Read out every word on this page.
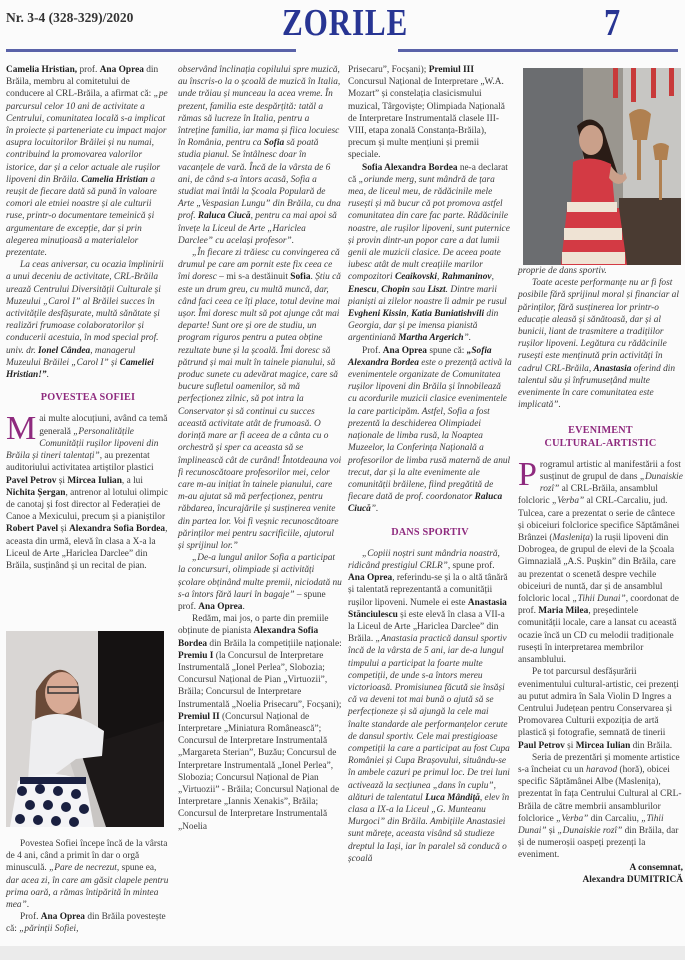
Nr. 3-4 (328-329)/2020	ZORILE	7

Camelia Hristian, prof. Ana Oprea din Brăila, membru al comitetului de conducere al CRL-Brăila, a afirmat că: „pe parcursul celor 10 ani de activitate a Centrului, comunitatea locală s-a implicat în proiecte și parteneriate cu impact major asupra locuitorilor Brăilei și nu numai, contribuind la promovarea valorilor istorice, dar și a celor actuale ale rușilor lipoveni din Brăila. Camelia Hristian a reușit de fiecare dată să pună în valoare comori ale etniei noastre și ale culturii ruse, printr-o documentare temeinică și argumentare de excepție, dar și prin alegerea minuțioasă a materialelor prezentate.

La ceas aniversar, cu ocazia împlinirii a unui deceniu de activitate, CRL-Brăila urează Centrului Diversității Culturale și Muzeului „Carol I” al Brăilei succes în activitățile desfășurate, multă sănătate și realizări frumoase colaboratorilor și conducerii acestuia, în mod special prof. univ. dr. Ionel Cândea, managerul Muzeului Brăilei „Carol I” și Cameliei Hristian!”.

POVESTEA SOFIEI

Mai multe alocuțiuni, având ca temă generală „Personalitățile Comunității rușilor lipoveni din Brăila și tineri talentați”, au prezentat auditoriului activitatea artiștilor plastici Pavel Petrov și Mircea Iulian, a lui Nichita Șergan, antrenor al lotului olimpic de canotaj și fost director al Federației de Canoe a Mexicului, precum și a pianiștilor Robert Pavel și Alexandra Sofia Bordea, aceasta din urmă, elevă în clasa a X-a la Liceul de Arte „Hariclea Darclee” din Brăila, susținând și un recital de pian.

Povestea Sofiei începe încă de la vârsta de 4 ani, când a primit în dar o orgă minusculă. „Pare de necrezut, spune ea, dar acea zi, în care am găsit clapele pentru prima oară, a rămas întipărită în mintea mea”.

Prof. Ana Oprea din Brăila povestește că: „părinții Sofiei,

observând înclinația copilului spre muzică, au înscris-o la o școală de muzică în Italia, unde trăiau și munceau la acea vreme. În prezent, familia este despărțită: tatăl a rămas să lucreze în Italia, pentru a întreține familia, iar mama și fiica locuiesc în România, pentru ca Sofia să poată studia pianul. Se întâlnesc doar în vacanțele de vară. Încă de la vârsta de 6 ani, de când s-a întors acasă, Sofia a studiat mai întâi la Școala Populară de Arte „Vespasian Lungu” din Brăila, cu dna prof. Raluca Ciucă, pentru ca mai apoi să învețe la Liceul de Arte „Hariclea Darclee” cu același profesor”.

„În fiecare zi trăiesc cu convingerea că drumul pe care am pornit este fix ceea ce îmi doresc – mi s-a destăinuit Sofia. Știu că este un drum greu, cu multă muncă, dar, când faci ceea ce îți place, totul devine mai ușor. Îmi doresc mult să pot ajunge cât mai departe! Sunt ore și ore de studiu, un program riguros pentru a putea obține rezultate bune și la școală. Îmi doresc să pătrund și mai mult în tainele pianului, să produc sunete cu adevărat magice, care să bucure sufletul oamenilor, să mă perfecționez zilnic, să pot intra la Conservator și să continui cu succes această activitate atât de frumoasă. O dorință mare ar fi aceea de a cânta cu o orchestră și sper ca aceasta să se împlinească cât de curând! Întotdeauna voi fi recunoscătoare profesorilor mei, celor care m-au inițiat în tainele pianului, care m-au ajutat să mă perfecționez, pentru răbdarea, încurajările și susținerea venite din partea lor. Voi fi veșnic recunoscătoare părinților mei pentru sacrificiile, ajutorul și sprijinul lor.”

„De-a lungul anilor Sofia a participat la concursuri, olimpiade și activități școlare obținând multe premii, niciodată nu s-a întors fără lauri în bagaje” – spune prof. Ana Oprea.

Redăm, mai jos, o parte din premiile obținute de pianista Alexandra Sofia Bordea din Brăila la competițiile naționale: Premiu I (la Concursul de Interpretare Instrumentală „Ionel Perlea”, Slobozia; Concursul Național de Pian „Virtuozii”, Brăila; Concursul de Interpretare Instrumentală „Noelia Prisecaru”, Focșani); Premiul II (Concursul Național de Interpretare „Miniatura Românească”; Concursul de Interpretare Instrumentală „Margareta Sterian”, Buzău; Concursul de Interpretare Instrumentală „Ionel Perlea”, Slobozia; Concursul Național de Pian „Virtuozii” - Brăila; Concursul Național de Interpretare „Iannis Xenakis”, Brăila; Concursul de Interpretare Instrumentală „Noelia

Prisecaru”, Focșani); Premiul III Concursul Național de Interpretare „W.A. Mozart” și constelația clasicismului muzical, Târgoviște; Olimpiada Națională de Interpretare Instrumentală clasele III-VIII, etapa zonală Constanța-Brăila), precum și multe mențiuni și premii speciale.

Sofia Alexandra Bordea ne-a declarat că „oriunde merg, sunt mândră de țara mea, de liceul meu, de rădăcinile mele rusești și mă bucur că pot promova astfel comunitatea din care fac parte. Rădăcinile noastre, ale rușilor lipoveni, sunt puternice și provin dintr-un popor care a dat lumii genii ale muzicii clasice. De aceea poate iubesc atât de mult creațiile marilor compozitori Ceaikovski, Rahmaninov, Enescu, Chopin sau Liszt. Dintre marii pianiști ai zilelor noastre îi admir pe rusul Evgheni Kissin, Katia Buniatishvili din Georgia, dar și pe imensa pianistă argentiniană Martha Argerich”.

Prof. Ana Oprea spune că: „Sofia Alexandra Bordea este o prezență activă la evenimentele organizate de Comunitatea rușilor lipoveni din Brăila și înnobilează cu acordurile muzicii clasice evenimentele la care participăm. Astfel, Sofia a fost prezentă la deschiderea Olimpiadei naționale de limba rusă, la Noaptea Muzeelor, la Conferința Națională a profesorilor de limba rusă maternă de anul trecut, dar și la alte evenimente ale comunității brăilene, fiind pregătită de fiecare dată de prof. coordonator Raluca Ciucă”.

DANS SPORTIV

„Copiii noștri sunt mândria noastră, ridicând prestigiul CRLR”, spune prof. Ana Oprea, referindu-se și la o altă tânără și talentată reprezentantă a comunității rușilor lipoveni. Numele ei este Anastasia Stănciulescu și este elevă în clasa a VII-a la Liceul de Arte „Hariclea Darclee” din Brăila. „Anastasia practică dansul sportiv încă de la vârsta de 5 ani, iar de-a lungul timpului a participat la foarte multe competiții, de unde s-a întors mereu victorioasă. Promisiunea făcută sie însăși că va deveni tot mai bună o ajută să se perfecționeze și să ajungă la cele mai înalte standarde ale performanțelor cerute de dansul sportiv. Cele mai prestigioase competiții la care a participat au fost Cupa României și Cupa Brașovului, situându-se în ambele cazuri pe primul loc. De trei luni activează la secțiunea „dans în cuplu”, alături de talentatul Luca Mândiță, elev în clasa a IX-a la Liceul „G. Munteanu Murgoci” din Brăila. Ambițiile Anastasiei sunt mărețe, aceasta visând să studieze dreptul la Iași, iar în paralel să conducă o școală

proprie de dans sportiv.

Toate aceste performanțe nu ar fi fost posibile fără sprijinul moral și financiar al părinților, fără susținerea lor printr-o educație aleasă și sănătoasă, dar și al bunicii, liant de trasmitere a tradițiilor rușilor lipoveni. Legătura cu rădăcinile rusești este menținută prin activități în cadrul CRL-Brăila, Anastasia oferind din talentul său și înfrumusețând multe evenimente în care comunitatea este implicată”.

EVENIMENT
CULTURAL-ARTISTIC

Programul artistic al manifestării a fost susținut de grupul de dans „Dunaiskie rozî” al CRL-Brăila, ansamblul folcloric „Verba” al CRL-Carcaliu, jud. Tulcea, care a prezentat o serie de cântece și obiceiuri folclorice specifice Săptămânei Brânzei (Maslenița) la rușii lipoveni din Dobrogea, de grupul de elevi de la Școala Gimnazială „A.S. Pușkin” din Brăila, care au prezentat o scenetă despre vechile obiceiuri de nuntă, dar și de ansamblul folcloric local „Tihii Dunai”, coordonat de prof. Maria Milea, președintele comunității locale, care a lansat cu această ocazie încă un CD cu melodii tradiționale rusești în interpretarea membrilor ansamblului.

Pe tot parcursul desfășurării evenimentului cultural-artistic, cei prezenți au putut admira în Sala Violin D Ingres a Centrului Județean pentru Conservarea și Promovarea Culturii expoziția de artă plastică și fotografie, semnată de tinerii Paul Petrov și Mircea Iulian din Brăila.

Seria de prezentări și momente artistice s-a încheiat cu un haravod (horă), obicei specific Săptămânei Albe (Maslenița), prezentat în fața Centrului Cultural al CRL-Brăila de către membrii ansamblurilor folclorice „Verba” din Carcaliu, „Tihii Dunai” și „Dunaiskie rozî” din Brăila, dar și de numeroșii oaspeți prezenți la eveniment.

A consemnat,
Alexandra DUMITRICĂ
